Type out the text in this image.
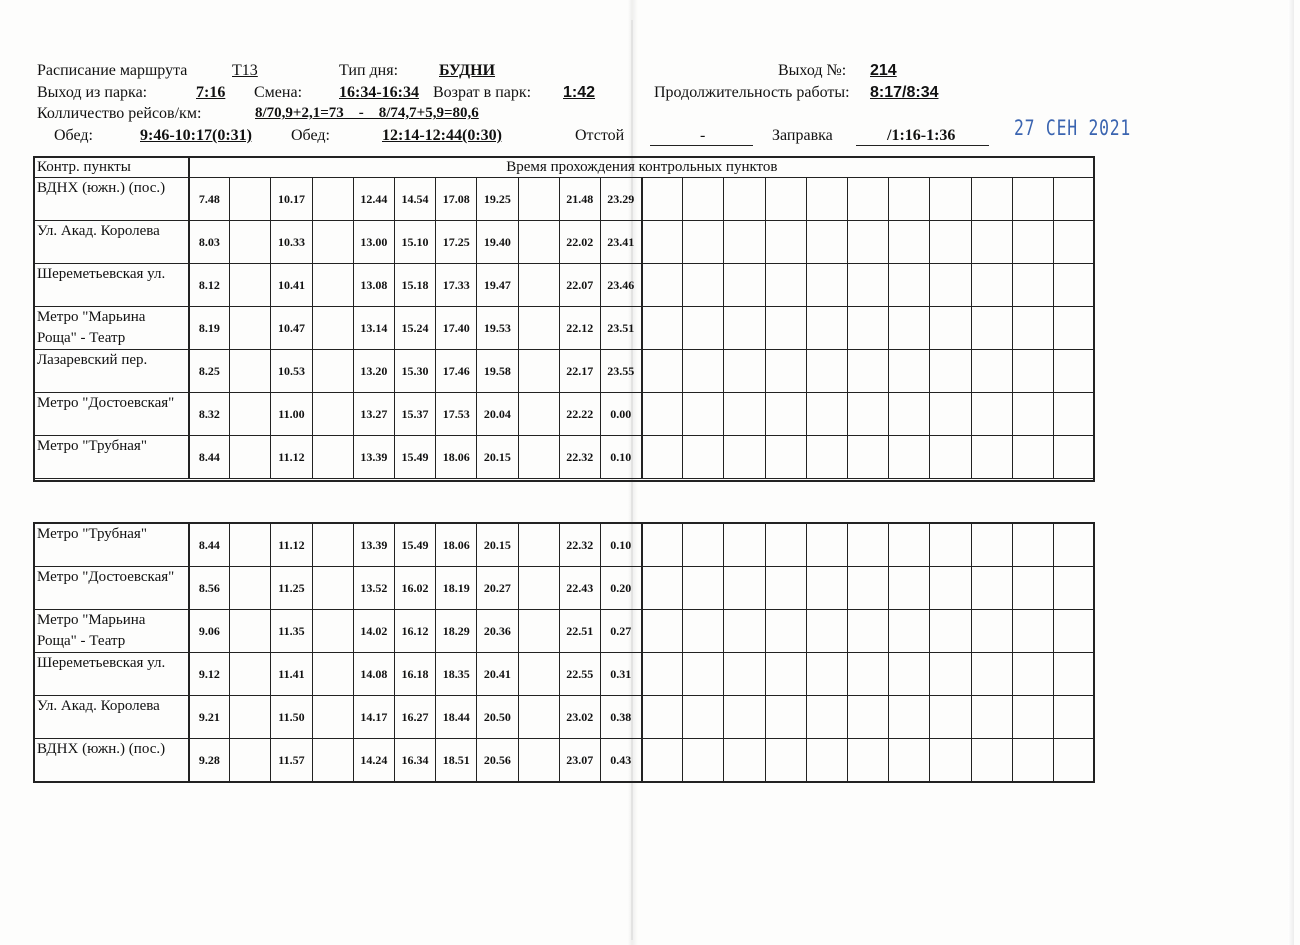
Расписание маршрута	Т13	Тип дня:	БУДНИ	Выход №: 214
Выход из парка:	7:16 Смена: 16:34-16:34 Возрат в парк: 1:42	Продолжительность работы: 8:17/8:34
Колличество рейсов/км:	8/70,9+2,1=73    -    8/74,7+5,9=80,6
Обед:	9:46-10:17(0:31) Обед:	12:14-12:44(0:30)	Отстой	-	Заправка	/1:16-1:36	27 СЕН 2021
Контр. пункты	Время прохождения контрольных пунктов																					
ВДНХ (южн.) (пос.)	7.48		10.17		12.44	14.54	17.08	19.25		21.48	23.29											
Ул. Акад. Королева	8.03		10.33		13.00	15.10	17.25	19.40		22.02	23.41											
Шереметьевская ул.	8.12		10.41		13.08	15.18	17.33	19.47		22.07	23.46											
Метро "Марьина Роща" - Театр	8.19		10.47		13.14	15.24	17.40	19.53		22.12	23.51											
Лазаревский пер.	8.25		10.53		13.20	15.30	17.46	19.58		22.17	23.55											
Метро "Достоевская"	8.32		11.00		13.27	15.37	17.53	20.04		22.22	0.00											
Метро "Трубная"	8.44		11.12		13.39	15.49	18.06	20.15		22.32	0.10											
Метро "Трубная"	8.44		11.12		13.39	15.49	18.06	20.15		22.32	0.10											
Метро "Достоевская"	8.56		11.25		13.52	16.02	18.19	20.27		22.43	0.20											
Метро "Марьина Роща" - Театр	9.06		11.35		14.02	16.12	18.29	20.36		22.51	0.27											
Шереметьевская ул.	9.12		11.41		14.08	16.18	18.35	20.41		22.55	0.31											
Ул. Акад. Королева	9.21		11.50		14.17	16.27	18.44	20.50		23.02	0.38											
ВДНХ (южн.) (пос.)	9.28		11.57		14.24	16.34	18.51	20.56		23.07	0.43											
